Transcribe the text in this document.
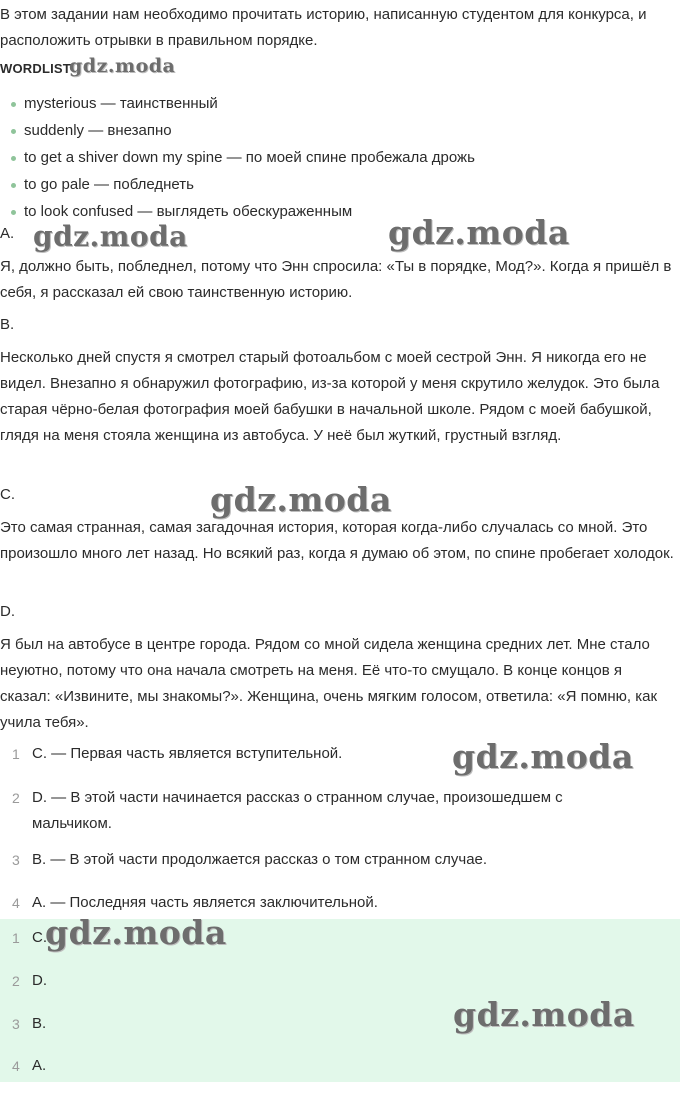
В этом задании нам необходимо прочитать историю, написанную студентом для конкурса, и расположить отрывки в правильном порядке.
WORDLIST
gdz.moda
mysterious — таинственный
suddenly — внезапно
to get a shiver down my spine — по моей спине пробежала дрожь
to go pale — побледнеть
to look confused — выглядеть обескураженным
A. gdz.moda	gdz.moda
Я, должно быть, побледнел, потому что Энн спросила: «Ты в порядке, Мод?». Когда я пришёл в себя, я рассказал ей свою таинственную историю.
B.
Несколько дней спустя я смотрел старый фотоальбом с моей сестрой Энн. Я никогда его не видел. Внезапно я обнаружил фотографию, из-за которой у меня скрутило желудок. Это была старая чёрно-белая фотография моей бабушки в начальной школе. Рядом с моей бабушкой, глядя на меня стояла женщина из автобуса. У неё был жуткий, грустный взгляд.
C.	gdz.moda
Это самая странная, самая загадочная история, которая когда-либо случалась со мной. Это произошло много лет назад. Но всякий раз, когда я думаю об этом, по спине пробегает холодок.
D.
Я был на автобусе в центре города. Рядом со мной сидела женщина средних лет. Мне стало неуютно, потому что она начала смотреть на меня. Её что-то смущало. В конце концов я сказал: «Извините, мы знакомы?». Женщина, очень мягким голосом, ответила: «Я помню, как учила тебя».
1 C. — Первая часть является вступительной.	gdz.moda
2 D. — В этой части начинается рассказ о странном случае, произошедшем с мальчиком.
3 B. — В этой части продолжается рассказ о том странном случае.
4 A. — Последняя часть является заключительной.
1 C.
2 D.
3 B.
4 A.
gdz.moda
gdz.moda
